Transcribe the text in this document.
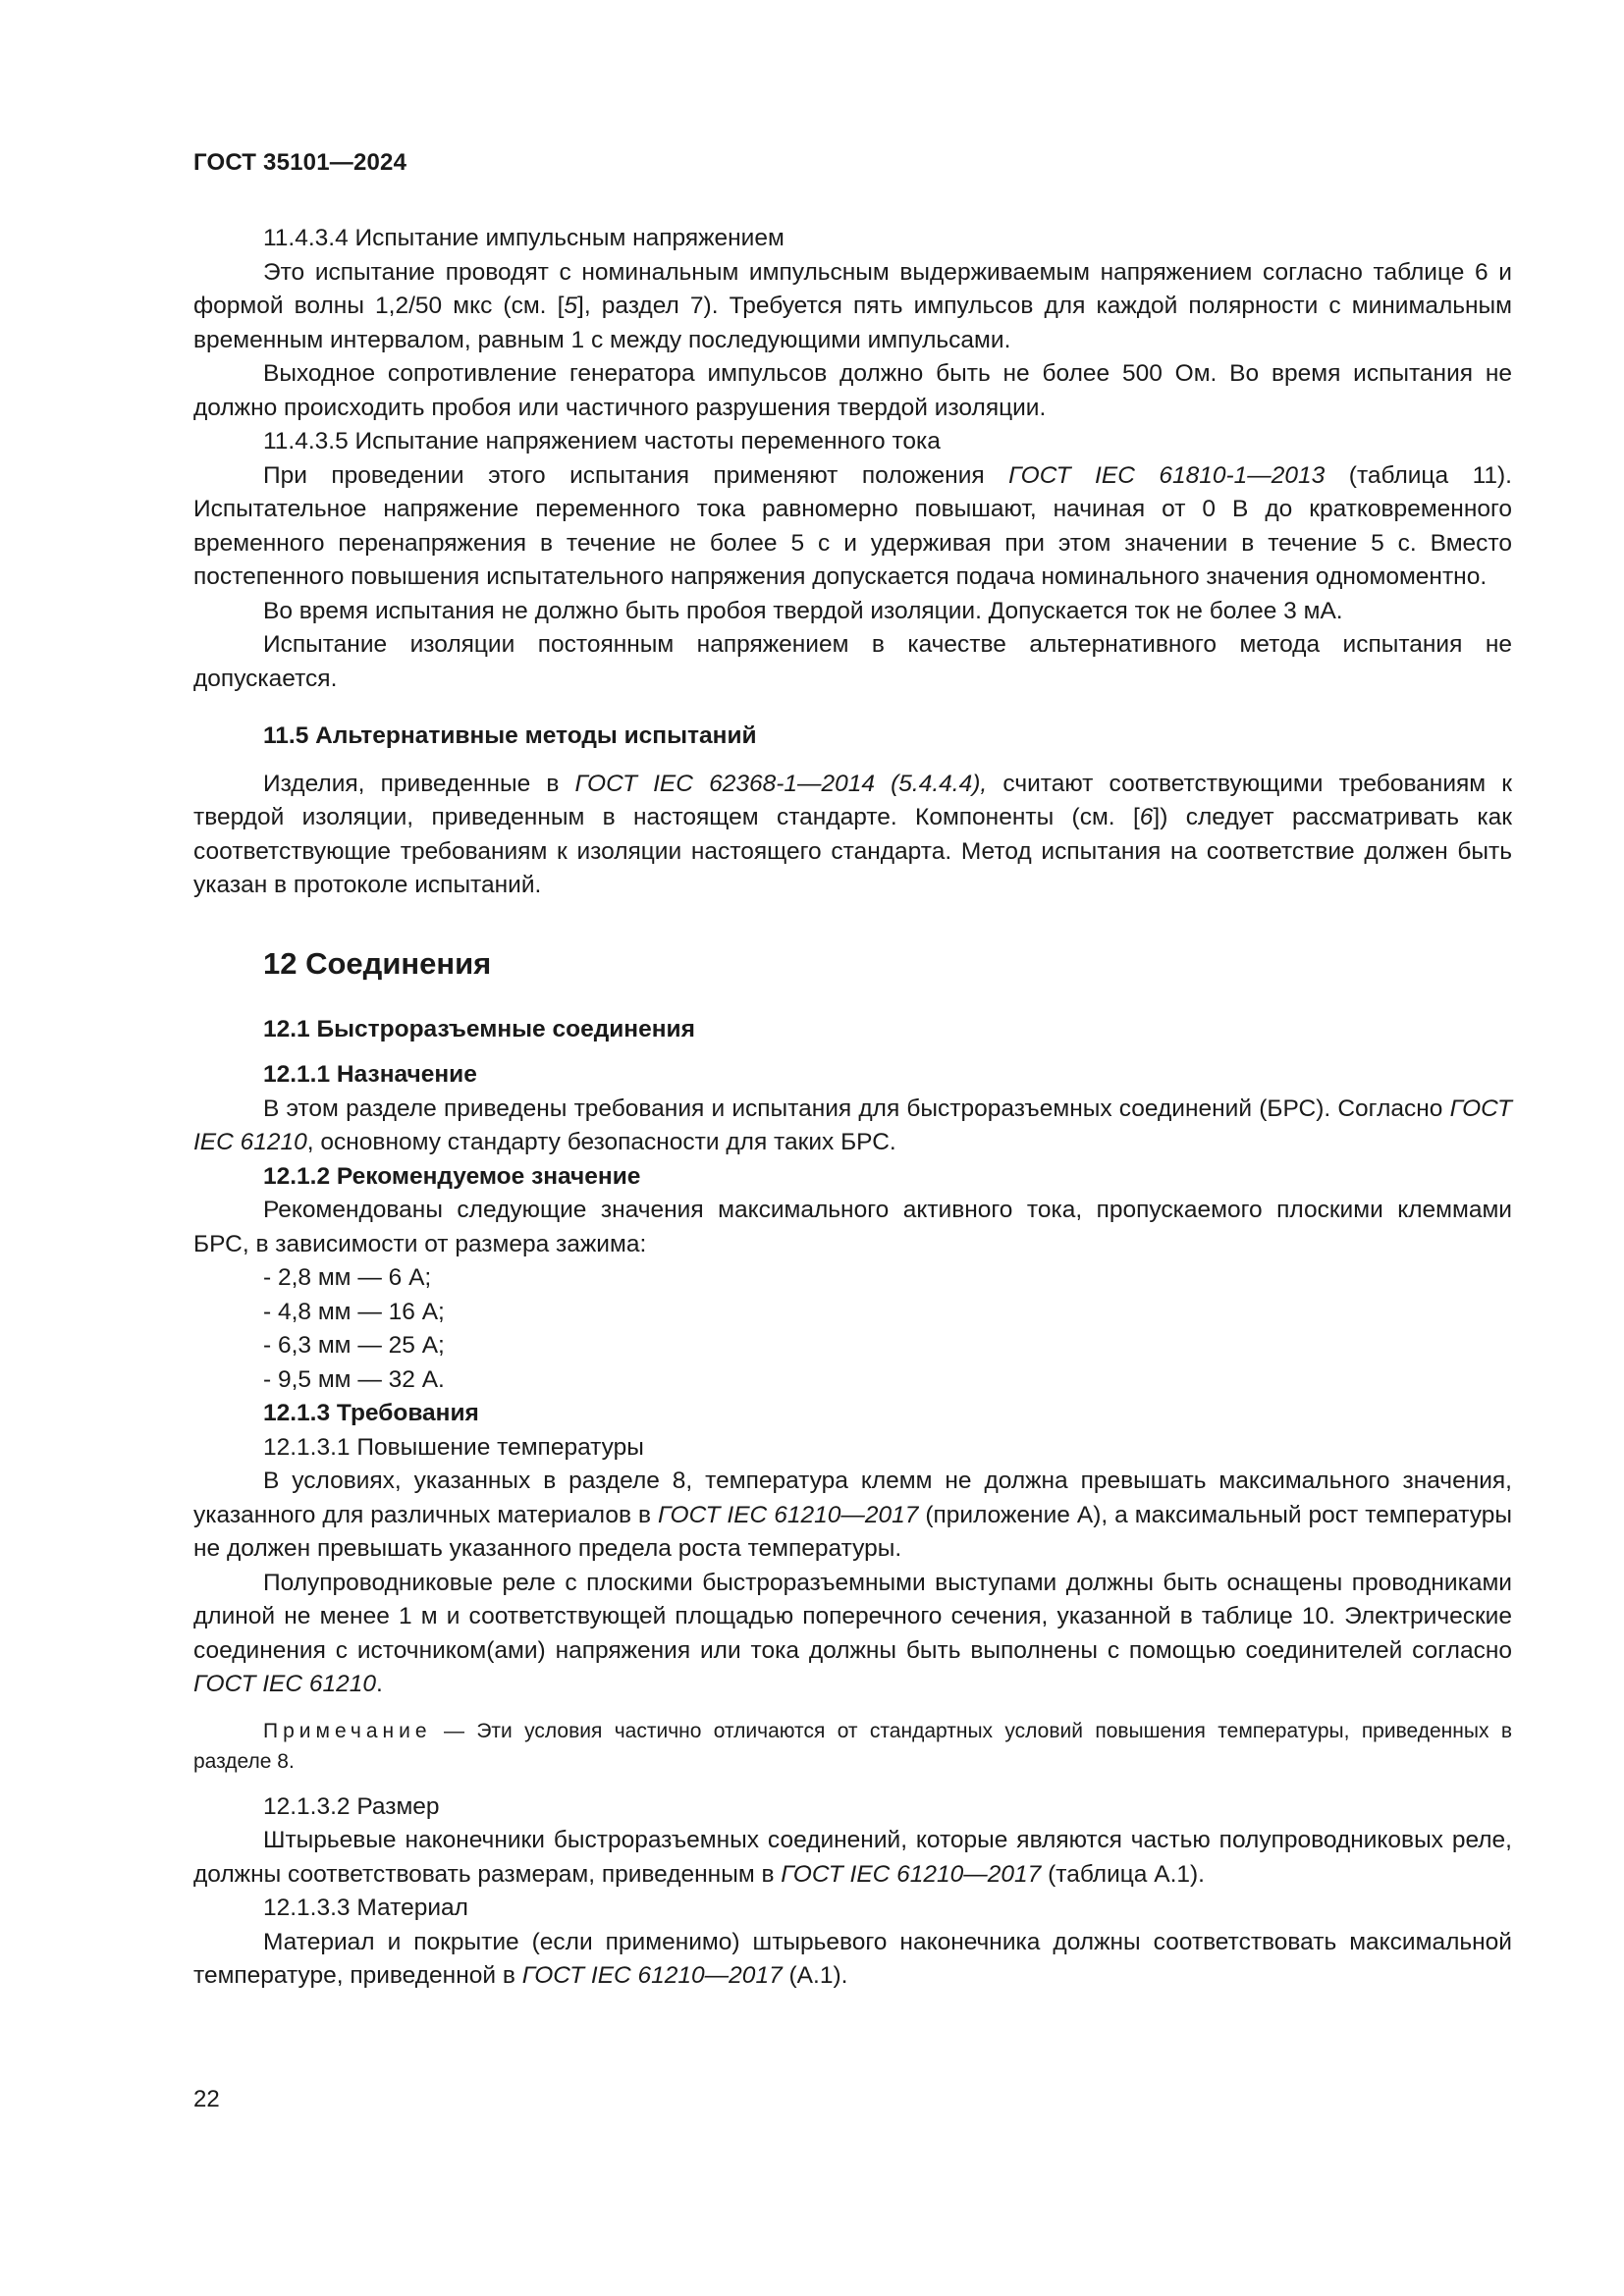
ГОСТ 35101—2024

11.4.3.4 Испытание импульсным напряжением

Это испытание проводят с номинальным импульсным выдерживаемым напряжением согласно таблице 6 и формой волны 1,2/50 мкс (см. [5], раздел 7). Требуется пять импульсов для каждой полярности с минимальным временным интервалом, равным 1 с между последующими импульсами.

Выходное сопротивление генератора импульсов должно быть не более 500 Ом. Во время испытания не должно происходить пробоя или частичного разрушения твердой изоляции.

11.4.3.5 Испытание напряжением частоты переменного тока

При проведении этого испытания применяют положения ГОСТ IEC 61810-1—2013 (таблица 11). Испытательное напряжение переменного тока равномерно повышают, начиная от 0 В до кратковременного временного перенапряжения в течение не более 5 с и удерживая при этом значении в течение 5 с. Вместо постепенного повышения испытательного напряжения допускается подача номинального значения одномоментно.

Во время испытания не должно быть пробоя твердой изоляции. Допускается ток не более 3 мА.

Испытание изоляции постоянным напряжением в качестве альтернативного метода испытания не допускается.

11.5 Альтернативные методы испытаний

Изделия, приведенные в ГОСТ IEC 62368-1—2014 (5.4.4.4), считают соответствующими требованиям к твердой изоляции, приведенным в настоящем стандарте. Компоненты (см. [6]) следует рассматривать как соответствующие требованиям к изоляции настоящего стандарта. Метод испытания на соответствие должен быть указан в протоколе испытаний.

12 Соединения

12.1 Быстроразъемные соединения

12.1.1 Назначение

В этом разделе приведены требования и испытания для быстроразъемных соединений (БРС). Согласно ГОСТ IEC 61210, основному стандарту безопасности для таких БРС.

12.1.2 Рекомендуемое значение

Рекомендованы следующие значения максимального активного тока, пропускаемого плоскими клеммами БРС, в зависимости от размера зажима:

- 2,8 мм — 6 А;

- 4,8 мм — 16 А;

- 6,3 мм — 25 А;

- 9,5 мм — 32 А.

12.1.3 Требования

12.1.3.1 Повышение температуры

В условиях, указанных в разделе 8, температура клемм не должна превышать максимального значения, указанного для различных материалов в ГОСТ IEC 61210—2017 (приложение А), а максимальный рост температуры не должен превышать указанного предела роста температуры.

Полупроводниковые реле с плоскими быстроразъемными выступами должны быть оснащены проводниками длиной не менее 1 м и соответствующей площадью поперечного сечения, указанной в таблице 10. Электрические соединения с источником(ами) напряжения или тока должны быть выполнены с помощью соединителей согласно ГОСТ IEC 61210.

Примечание — Эти условия частично отличаются от стандартных условий повышения температуры, приведенных в разделе 8.

12.1.3.2 Размер

Штырьевые наконечники быстроразъемных соединений, которые являются частью полупроводниковых реле, должны соответствовать размерам, приведенным в ГОСТ IEC 61210—2017 (таблица А.1).

12.1.3.3 Материал

Материал и покрытие (если применимо) штырьевого наконечника должны соответствовать максимальной температуре, приведенной в ГОСТ IEC 61210—2017 (А.1).

22
